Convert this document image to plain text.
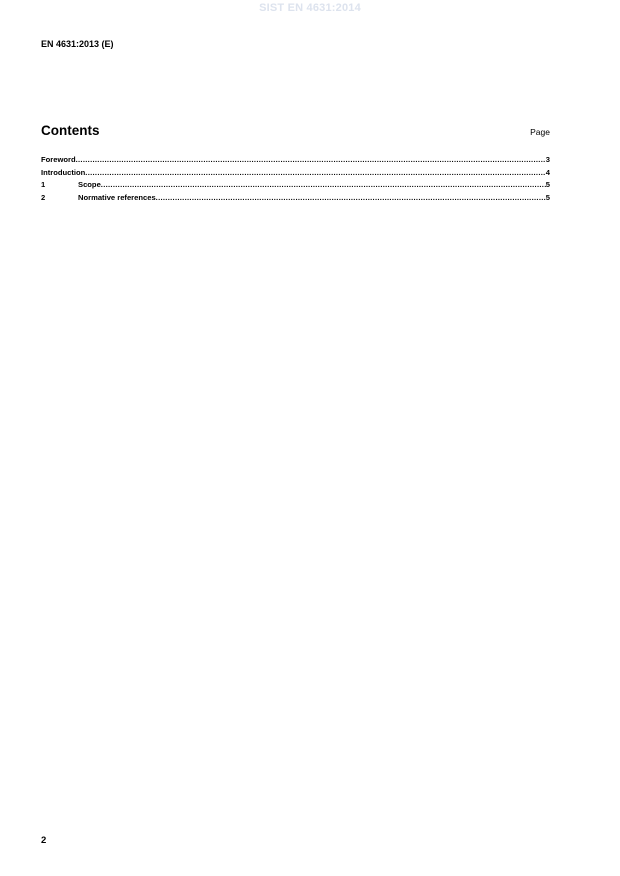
SIST EN 4631:2014
EN 4631:2013 (E)
Contents	Page
Foreword .....	3
Introduction .....	4
1	Scope .....	5
2	Normative references .....	5
2
